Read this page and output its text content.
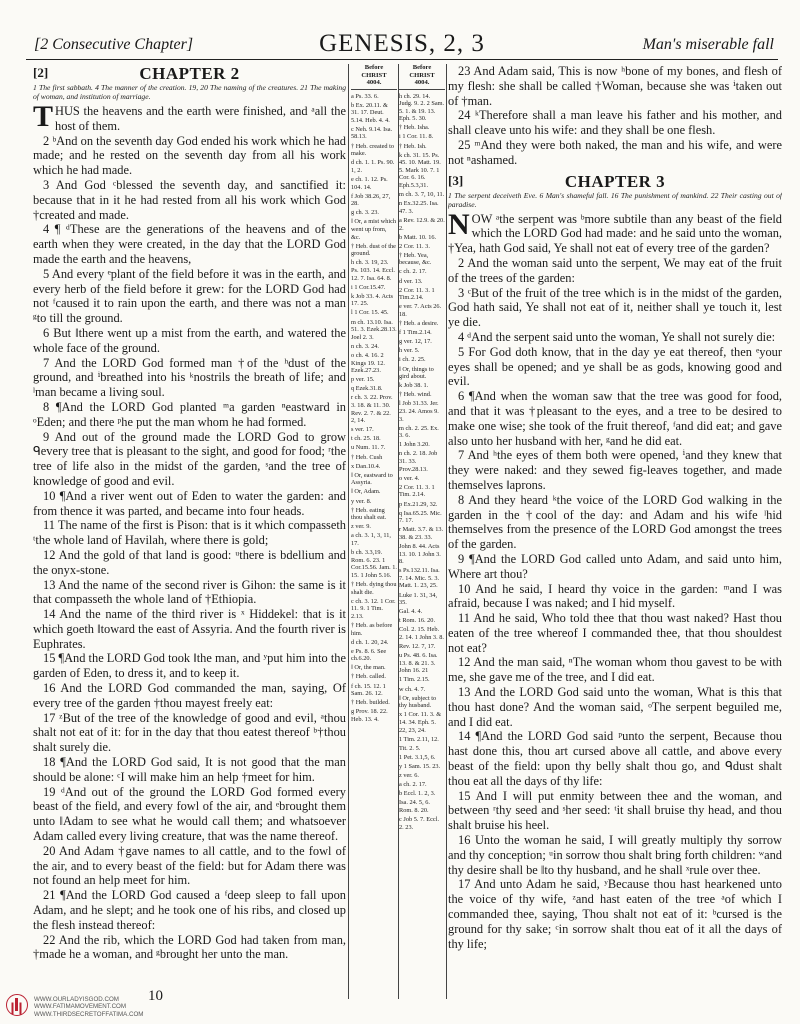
[2 Consecutive Chapter]	GENESIS, 2, 3	Man's miserable fall
[2]	CHAPTER 2
1 The first sabbath. 4 The manner of the creation. 19, 20 The naming of the creatures. 21 The making of woman, and institution of marriage.

THUS the heavens and the earth were finished, and ᵃall the host of them.

2 ᵇAnd on the seventh day God ended his work which he had made; and he rested on the seventh day from all his work which he had made.

3 And God ᶜblessed the seventh day, and sanctified it: because that in it he had rested from all his work which God †created and made.

4 ¶ ᵈThese are the generations of the heavens and of the earth when they were created, in the day that the LORD God made the earth and the heavens,

5 And every ᵉplant of the field before it was in the earth, and every herb of the field before it grew: for the LORD God had not ᶠcaused it to rain upon the earth, and there was not a man ᵍto till the ground.

6 But ‖there went up a mist from the earth, and watered the whole face of the ground.

7 And the LORD God formed man †of the ʰdust of the ground, and ⁱbreathed into his ᵏnostrils the breath of life; and ˡman became a living soul.

8 ¶And the LORD God planted ᵐa garden ⁿeastward in ᵒEden; and there ᵖhe put the man whom he had formed.

9 And out of the ground made the LORD God to grow ᑫevery tree that is pleasant to the sight, and good for food; ʳthe tree of life also in the midst of the garden, ˢand the tree of knowledge of good and evil.

10 ¶And a river went out of Eden to water the garden: and from thence it was parted, and became into four heads.

11 The name of the first is Pison: that is it which compasseth ᵗthe whole land of Havilah, where there is gold;

12 And the gold of that land is good: ᵘthere is bdellium and the onyx-stone.

13 And the name of the second river is Gihon: the same is it that compasseth the whole land of †Ethiopia.

14 And the name of the third river is ˣ Hiddekel: that is it which goeth ‖toward the east of Assyria. And the fourth river is Euphrates.

15 ¶And the LORD God took ‖the man, and ʸput him into the garden of Eden, to dress it, and to keep it.

16 And the LORD God commanded the man, saying, Of every tree of the garden †thou mayest freely eat:

17 ᶻBut of the tree of the knowledge of good and evil, ᵃthou shalt not eat of it: for in the day that thou eatest thereof ᵇ†thou shalt surely die.

18 ¶And the LORD God said, It is not good that the man should be alone: ᶜI will make him an help †meet for him.

19 ᵈAnd out of the ground the LORD God formed every beast of the field, and every fowl of the air, and ᵉbrought them unto ‖Adam to see what he would call them; and whatsoever Adam called every living creature, that was the name thereof.

20 And Adam †gave names to all cattle, and to the fowl of the air, and to every beast of the field: but for Adam there was not found an help meet for him.

21 ¶And the LORD God caused a ᶠdeep sleep to fall upon Adam, and he slept; and he took one of his ribs, and closed up the flesh instead thereof:

22 And the rib, which the LORD God had taken from man, †made he a woman, and ᵍbrought her unto the man.

Before
CHRIST
4004.
a Ps. 33. 6.
b Ex. 20.11. & 31. 17. Deut. 5.14. Heb. 4. 4.
c Neh. 9.14. Isa. 58.13.
† Heb. created to make.
d ch. 1. 1. Ps. 90. 1, 2.
e ch. 1. 12. Ps. 104. 14.
f Job 38.26, 27, 28.
g ch. 3. 23.
‖ Or, a mist which went up from, &c.
† Heb. dust of the ground.
h ch. 3. 19, 23. Ps. 103. 14. Eccl. 12. 7. Isa. 64. 8.
i 1 Cor.15.47.
k Job 33. 4. Acts 17. 25.
l 1 Cor. 15. 45.
m ch. 13.10. Isa. 51. 3. Ezek.28.13. Joel 2. 3.
n ch. 3. 24.
o ch. 4. 16. 2 Kings 19. 12. Ezek.27.23.
p ver. 15.
q Ezek.31.8.
r ch. 3. 22. Prov. 3. 18. & 11. 30. Rev. 2. 7. & 22. 2, 14.
s ver. 17.
t ch. 25. 18.
u Num. 11. 7.
† Heb. Cush
x Dan.10.4.
‖ Or, eastward to Assyria.
‖ Or, Adam.
y ver. 8.
† Heb. eating thou shalt eat.
z ver. 9.
a ch. 3. 1, 3, 11, 17.
b ch. 3.3,19. Rom. 6. 23. 1 Cor.15.56. Jam. 1. 15. 1 John 5.16.
† Heb. dying thou shalt die.
c ch. 3. 12. 1 Cor. 11. 9. 1 Tim. 2.13.
† Heb. as before him.
d ch. 1. 20, 24.
e Ps. 8. 6. See ch.6.20.
‖ Or, the man.
† Heb. called.
f ch. 15. 12. 1 Sam. 26. 12.
† Heb. builded.
g Prov. 18. 22. Heb. 13. 4.
Before
CHRIST
4004.
h ch. 29. 14. Judg. 9. 2. 2 Sam. 5. 1. & 19. 13. Eph. 5. 30.
† Heb. Isha.
i 1 Cor. 11. 8.
† Heb. Ish.
k ch. 31. 15. Ps. 45. 10. Matt. 19. 5. Mark 10. 7. 1 Cor. 6. 16. Eph.5.3,31.
m ch. 3. 7, 10, 11.
n Ex.32.25. Isa. 47. 3.
a Rev. 12.9. & 20. 2.
b Matt. 10. 16.
2 Cor. 11. 3.
† Heb. Yea, because, &c.
c ch. 2. 17.
d ver. 13.
2 Cor. 11. 3. 1 Tim.2.14.
e ver. 7. Acts 26. 18.
† Heb. a desire.
f 1 Tim.2.14.
g ver. 12, 17.
h ver. 5.
i ch. 2. 25.
‖ Or, things to gird about.
k Job 38. 1.
† Heb. wind.
l Job 31.33. Jer. 23. 24. Amos 9. 3.
m ch. 2. 25. Ex. 3. 6.
1 John 3.20.
n ch. 2. 18. Job 31. 33. Prov.28.13.
o ver. 4.
2 Cor. 11. 3. 1 Tim. 2.14.
p Ex.21.29, 32.
q Isa.65.25. Mic. 7. 17.
r Matt. 3.7. & 13. 38. & 23. 33.
John 8. 44. Acts 13. 10. 1 John 3. 8.
s Ps.132.11. Isa. 7. 14. Mic. 5. 3. Matt. 1. 23, 25.
Luke 1. 31, 34, 35.
Gal. 4. 4.
t Rom. 16. 20.
Col. 2. 15. Heb. 2. 14. 1 John 3. 8.
Rev. 12. 7, 17.
u Ps. 48. 6. Isa. 13. 8. & 21. 3. John 16. 21
1 Tim. 2.15.
w ch. 4. 7.
‖ Or, subject to thy husband.
x 1 Cor. 11. 3. & 14. 34. Eph. 5. 22, 23, 24.
1 Tim. 2.11, 12.
Tit. 2. 5.
1 Pet. 3.1,5, 6.
y 1 Sam. 15. 23.
z ver. 6.
a ch. 2. 17.
b Eccl. 1. 2, 3.
Isa. 24. 5, 6. Rom. 8. 20.
c Job 5. 7. Eccl. 2. 23.

23 And Adam said, This is now ʰbone of my bones, and flesh of my flesh: she shall be called †Woman, because she was ⁱtaken out of †man.

24 ᵏTherefore shall a man leave his father and his mother, and shall cleave unto his wife: and they shall be one flesh.

25 ᵐAnd they were both naked, the man and his wife, and were not ⁿashamed.

[3]	CHAPTER 3
1 The serpent deceiveth Eve. 6 Man's shameful fall. 16 The punishment of mankind. 22 Their casting out of paradise.

NOW ᵃthe serpent was ᵇmore subtile than any beast of the field which the LORD God had made: and he said unto the woman, †Yea, hath God said, Ye shall not eat of every tree of the garden?

2 And the woman said unto the serpent, We may eat of the fruit of the trees of the garden:

3 ᶜBut of the fruit of the tree which is in the midst of the garden, God hath said, Ye shall not eat of it, neither shall ye touch it, lest ye die.

4 ᵈAnd the serpent said unto the woman, Ye shall not surely die:

5 For God doth know, that in the day ye eat thereof, then ᵉyour eyes shall be opened; and ye shall be as gods, knowing good and evil.

6 ¶And when the woman saw that the tree was good for food, and that it was †pleasant to the eyes, and a tree to be desired to make one wise; she took of the fruit thereof, ᶠand did eat; and gave also unto her husband with her, ᵍand he did eat.

7 And ʰthe eyes of them both were opened, ⁱand they knew that they were naked: and they sewed fig-leaves together, and made themselves ‖aprons.

8 And they heard ᵏthe voice of the LORD God walking in the garden in the †cool of the day: and Adam and his wife ˡhid themselves from the presence of the LORD God amongst the trees of the garden.

9 ¶And the LORD God called unto Adam, and said unto him, Where art thou?

10 And he said, I heard thy voice in the garden: ᵐand I was afraid, because I was naked; and I hid myself.

11 And he said, Who told thee that thou wast naked? Hast thou eaten of the tree whereof I commanded thee, that thou shouldest not eat?

12 And the man said, ⁿThe woman whom thou gavest to be with me, she gave me of the tree, and I did eat.

13 And the LORD God said unto the woman, What is this that thou hast done? And the woman said, ᵒThe serpent beguiled me, and I did eat.

14 ¶And the LORD God said ᵖunto the serpent, Because thou hast done this, thou art cursed above all cattle, and above every beast of the field: upon thy belly shalt thou go, and ᑫdust shalt thou eat all the days of thy life:

15 And I will put enmity between thee and the woman, and between ʳthy seed and ˢher seed: ᵗit shall bruise thy head, and thou shalt bruise his heel.

16 Unto the woman he said, I will greatly multiply thy sorrow and thy conception; ᵘin sorrow thou shalt bring forth children: ʷand thy desire shall be ‖to thy husband, and he shall ˣrule over thee.

17 And unto Adam he said, ʸBecause thou hast hearkened unto the voice of thy wife, ᶻand hast eaten of the tree ᵃof which I commanded thee, saying, Thou shalt not eat of it: ᵇcursed is the ground for thy sake; ᶜin sorrow shalt thou eat of it all the days of thy life;

WWW.OURLADYISGOD.COM
WWW.FATIMAMOVEMENT.COM
WWW.THIRDSECRETOFFATIMA.COM
10
